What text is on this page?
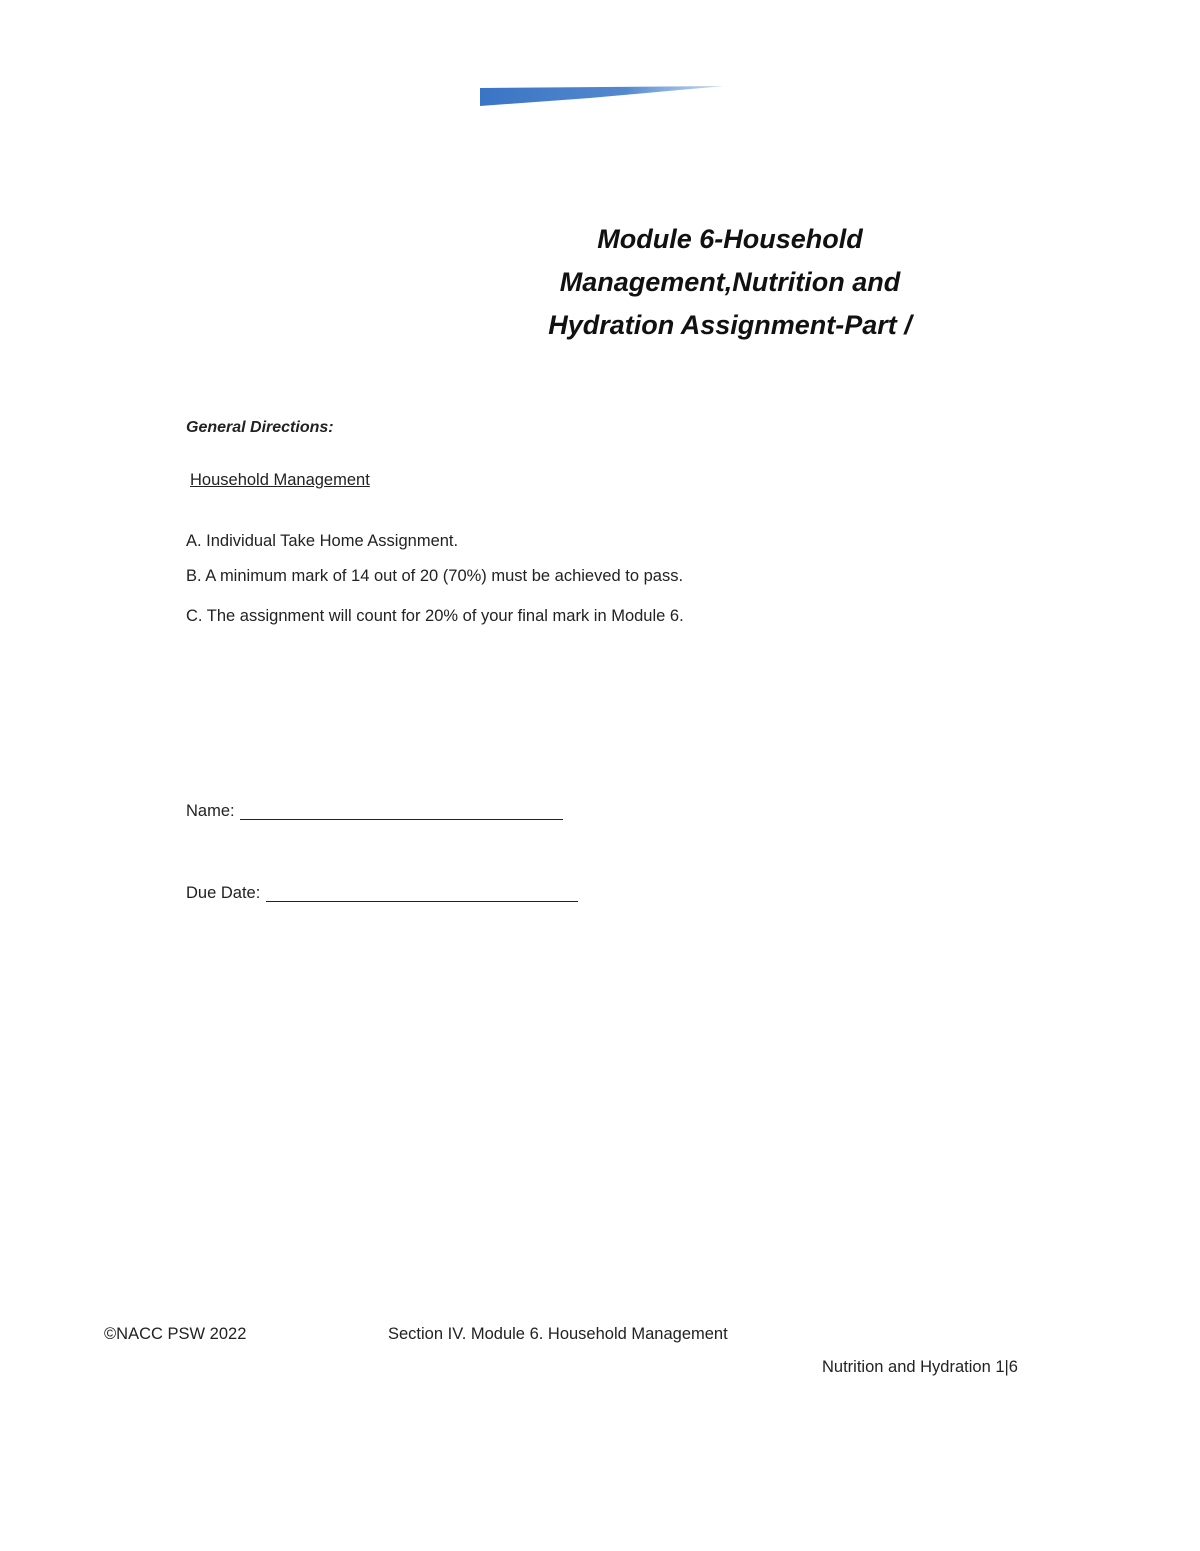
Module 6-Household
Management,Nutrition and
Hydration Assignment-Part /
General Directions:
Household Management
A. Individual Take Home Assignment.
B. A minimum mark of 14 out of 20 (70%) must be achieved to pass.
C. The assignment will count for 20% of your final mark in Module 6.
Name:
Due Date:
©NACC PSW 2022	Section IV. Module 6. Household Management
Nutrition and Hydration 1|6
